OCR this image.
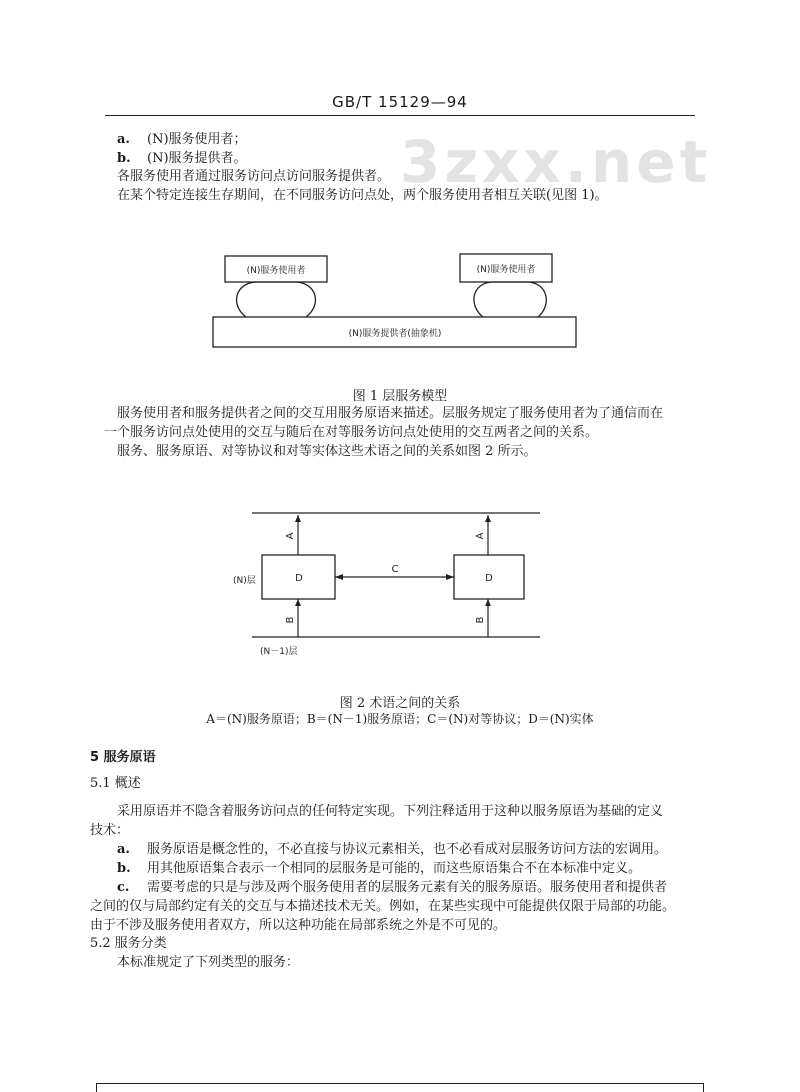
3zxx.net
GB/T 15129—94
a. (N)服务使用者；
b. (N)服务提供者。
各服务使用者通过服务访问点访问服务提供者。
在某个特定连接生存期间，在不同服务访问点处，两个服务使用者相互关联(见图 1)。
(N)服务使用者	(N)服务使用者
(N)服务提供者(抽象机)
图 1 层服务模型
服务使用者和服务提供者之间的交互用服务原语来描述。层服务规定了服务使用者为了通信而在
一个服务访问点处使用的交互与随后在对等服务访问点处使用的交互两者之间的关系。
服务、服务原语、对等协议和对等实体这些术语之间的关系如图 2 所示。
A	A
B	B
C
D	D
(N)层
(N－1)层
图 2 术语之间的关系
A＝(N)服务原语；B＝(N－1)服务原语；C＝(N)对等协议；D＝(N)实体
5 服务原语
5.1 概述
采用原语并不隐含着服务访问点的任何特定实现。下列注释适用于这种以服务原语为基础的定义
技术：
a. 服务原语是概念性的，不必直接与协议元素相关，也不必看成对层服务访问方法的宏调用。
b. 用其他原语集合表示一个相同的层服务是可能的，而这些原语集合不在本标准中定义。
c. 需要考虑的只是与涉及两个服务使用者的层服务元素有关的服务原语。服务使用者和提供者
之间的仅与局部约定有关的交互与本描述技术无关。例如，在某些实现中可能提供仅限于局部的功能。
由于不涉及服务使用者双方，所以这种功能在局部系统之外是不可见的。
5.2 服务分类
本标准规定了下列类型的服务：
